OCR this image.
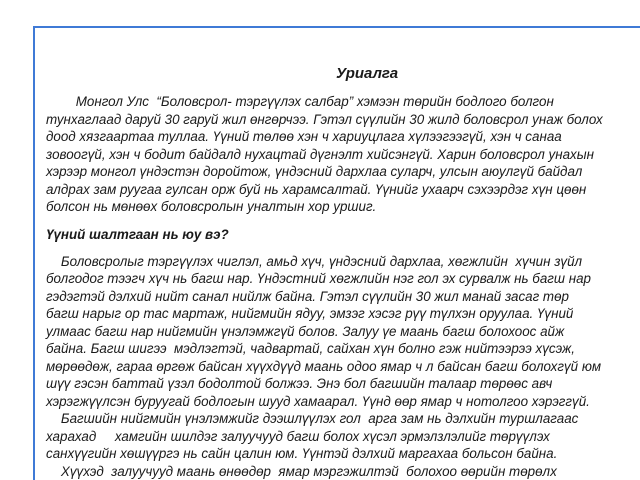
Уриалга
Монгол Улс  “Боловсрол- тэргүүлэх салбар” хэмээн төрийн бодлого болгон
тунхаглаад даруй 30 гаруй жил өнгөрчээ. Гэтэл сүүлийн 30 жилд боловсрол унаж болох
доод хязгаартаа туллаа. Үүний төлөө хэн ч хариуцлага хүлээгээгүй, хэн ч санаа
зовоогүй, хэн ч бодит байдалд нухацтай дүгнэлт хийсэнгүй. Харин боловсрол унахын
хэрээр монгол үндэстэн доройтож, үндэсний дархлаа суларч, улсын аюулгүй байдал
алдрах зам руугаа гулсан орж буй нь харамсалтай. Үүнийг ухаарч сэхээрдэг хүн цөөн
болсон нь мөнөөх боловсролын уналтын хор уршиг.
Үүний шалтгаан нь юу вэ?
Боловсролыг тэргүүлэх чиглэл, амьд хүч, үндэсний дархлаа, хөгжлийн  хүчин зүйл
болгодог тээгч хүч нь багш нар. Үндэстний хөгжлийн нэг гол эх сурвалж нь багш нар
гэдэгтэй дэлхий нийт санал нийлж байна. Гэтэл сүүлийн 30 жил манай засаг төр
багш нарыг ор тас мартаж, нийгмийн ядуу, эмзэг хэсэг рүү түлхэн оруулаа. Үүний
улмаас багш нар нийгмийн үнэлэмжгүй болов. Залуу үе маань багш болохоос айж
байна. Багш шигээ  мэдлэгтэй, чадвартай, сайхан хүн болно гэж нийтээрээ хүсэж,
мөрөөдөж, гараа өргөж байсан хүүхдүүд маань одоо ямар ч л байсан багш болохгүй юм
шүү гэсэн баттай үзэл бодолтой болжээ. Энэ бол багшийн талаар төрөөс авч
хэрэгжүүлсэн буруугай бодлогын шууд хамаарал. Үүнд өөр ямар ч нотолгоо хэрэггүй.
Багшийн нийгмийн үнэлэмжийг дээшлүүлэх гол  арга зам нь дэлхийн туршлагаас
харахад     хамгийн шилдэг залуучууд багш болох хүсэл эрмэлзлэлийг төрүүлэх
санхүүгийн хөшүүргэ нь сайн цалин юм. Үүнтэй дэлхий маргахаа больсон байна.
Хүүхэд  залуучууд маань өнөөдөр  ямар мэргэжилтэй  болохоо өөрийн төрөлх
